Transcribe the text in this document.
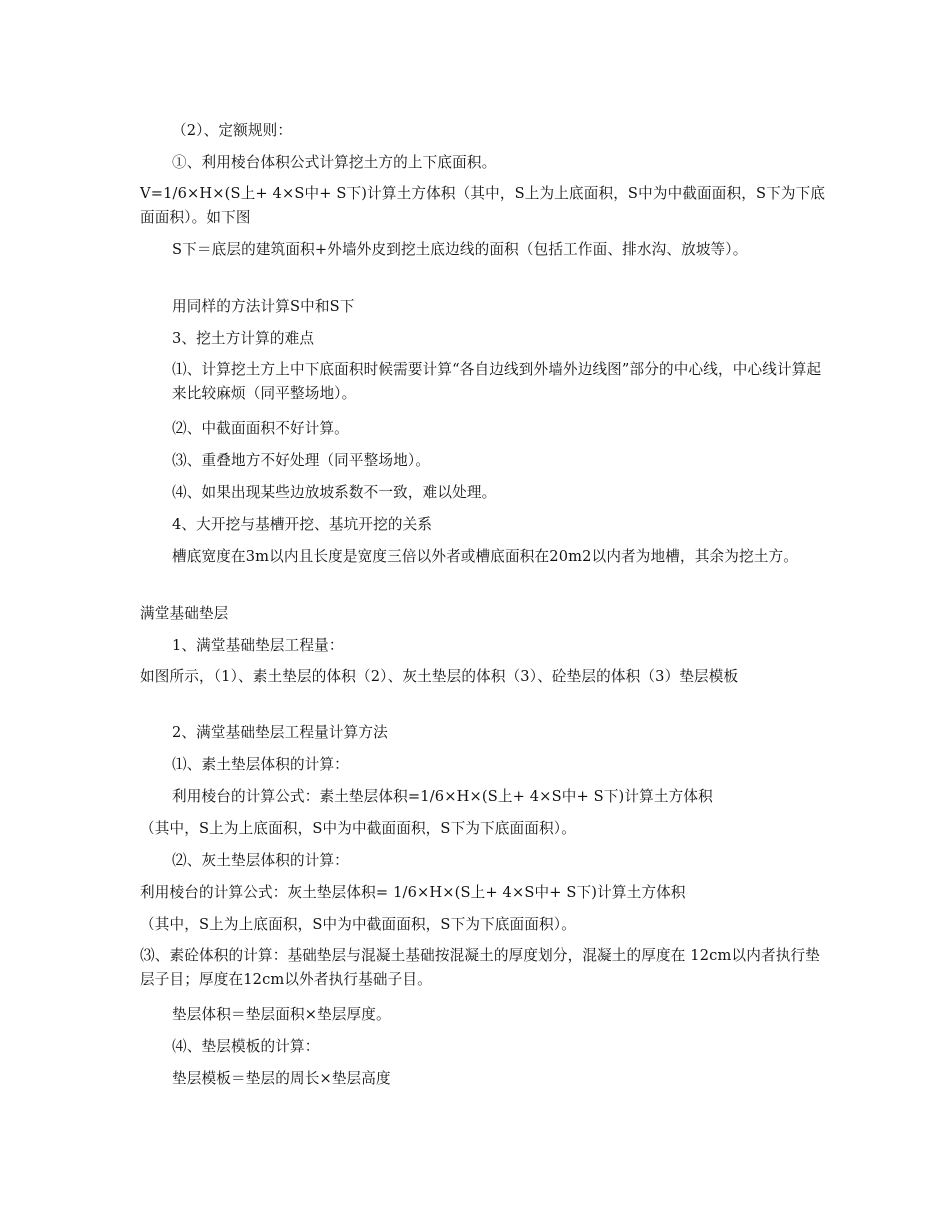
（2）、定额规则：
①、利用棱台体积公式计算挖土方的上下底面积。
V=1/6×H×(S上+ 4×S中+ S下)计算土方体积（其中，S上为上底面积，S中为中截面面积，S下为下底面面积）。如下图
S下＝底层的建筑面积+外墙外皮到挖土底边线的面积（包括工作面、排水沟、放坡等）。
用同样的方法计算S中和S下
3、挖土方计算的难点
⑴、计算挖土方上中下底面积时候需要计算“各自边线到外墙外边线图”部分的中心线，中心线计算起来比较麻烦（同平整场地）。
⑵、中截面面积不好计算。
⑶、重叠地方不好处理（同平整场地）。
⑷、如果出现某些边放坡系数不一致，难以处理。
4、大开挖与基槽开挖、基坑开挖的关系
槽底宽度在3m以内且长度是宽度三倍以外者或槽底面积在20m2以内者为地槽，其余为挖土方。
满堂基础垫层
1、满堂基础垫层工程量：
如图所示，（1）、素土垫层的体积（2）、灰土垫层的体积（3）、砼垫层的体积（3）垫层模板
2、满堂基础垫层工程量计算方法
⑴、素土垫层体积的计算：
利用棱台的计算公式：素土垫层体积=1/6×H×(S上+ 4×S中+ S下)计算土方体积
（其中，S上为上底面积，S中为中截面面积，S下为下底面面积）。
⑵、灰土垫层体积的计算：
利用棱台的计算公式：灰土垫层体积= 1/6×H×(S上+ 4×S中+ S下)计算土方体积
（其中，S上为上底面积，S中为中截面面积，S下为下底面面积）。
⑶、素砼体积的计算：基础垫层与混凝土基础按混凝土的厚度划分，混凝土的厚度在 12cm以内者执行垫层子目；厚度在12cm以外者执行基础子目。
垫层体积＝垫层面积×垫层厚度。
⑷、垫层模板的计算：
垫层模板＝垫层的周长×垫层高度
